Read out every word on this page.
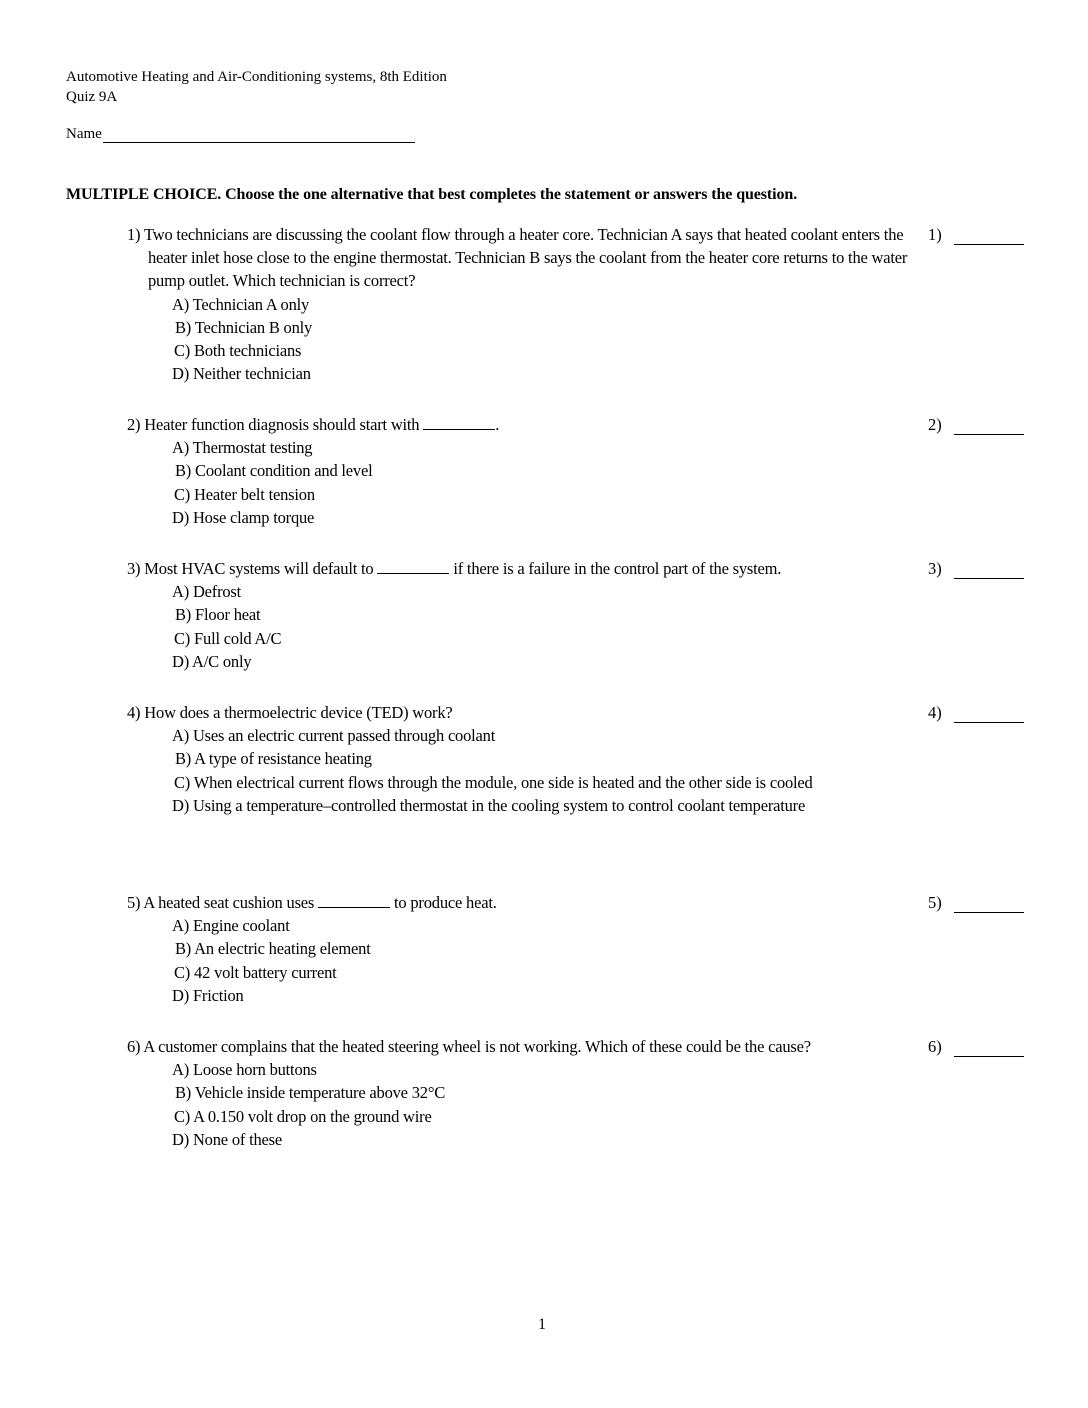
Automotive Heating and Air-Conditioning systems, 8th Edition
Quiz 9A
Name
MULTIPLE CHOICE. Choose the one alternative that best completes the statement or answers the question.
1) Two technicians are discussing the coolant flow through a heater core. Technician A says that heated coolant enters the heater inlet hose close to the engine thermostat. Technician B says the coolant from the heater core returns to the water pump outlet. Which technician is correct?
A) Technician A only
B) Technician B only
C) Both technicians
D) Neither technician
1)
2) Heater function diagnosis should start with	.
A) Thermostat testing
B) Coolant condition and level
C) Heater belt tension
D) Hose clamp torque
2)
3) Most HVAC systems will default to	if there is a failure in the control part of the system.
A) Defrost
B) Floor heat
C) Full cold A/C
D) A/C only
3)
4) How does a thermoelectric device (TED) work?
A) Uses an electric current passed through coolant
B) A type of resistance heating
C) When electrical current flows through the module, one side is heated and the other side is cooled
D) Using a temperature–controlled thermostat in the cooling system to control coolant temperature
4)
5) A heated seat cushion uses	to produce heat.
A) Engine coolant
B) An electric heating element
C) 42 volt battery current
D) Friction
5)
6) A customer complains that the heated steering wheel is not working. Which of these could be the cause?
A) Loose horn buttons
B) Vehicle inside temperature above 32°C
C) A 0.150 volt drop on the ground wire
D) None of these
6)
1
